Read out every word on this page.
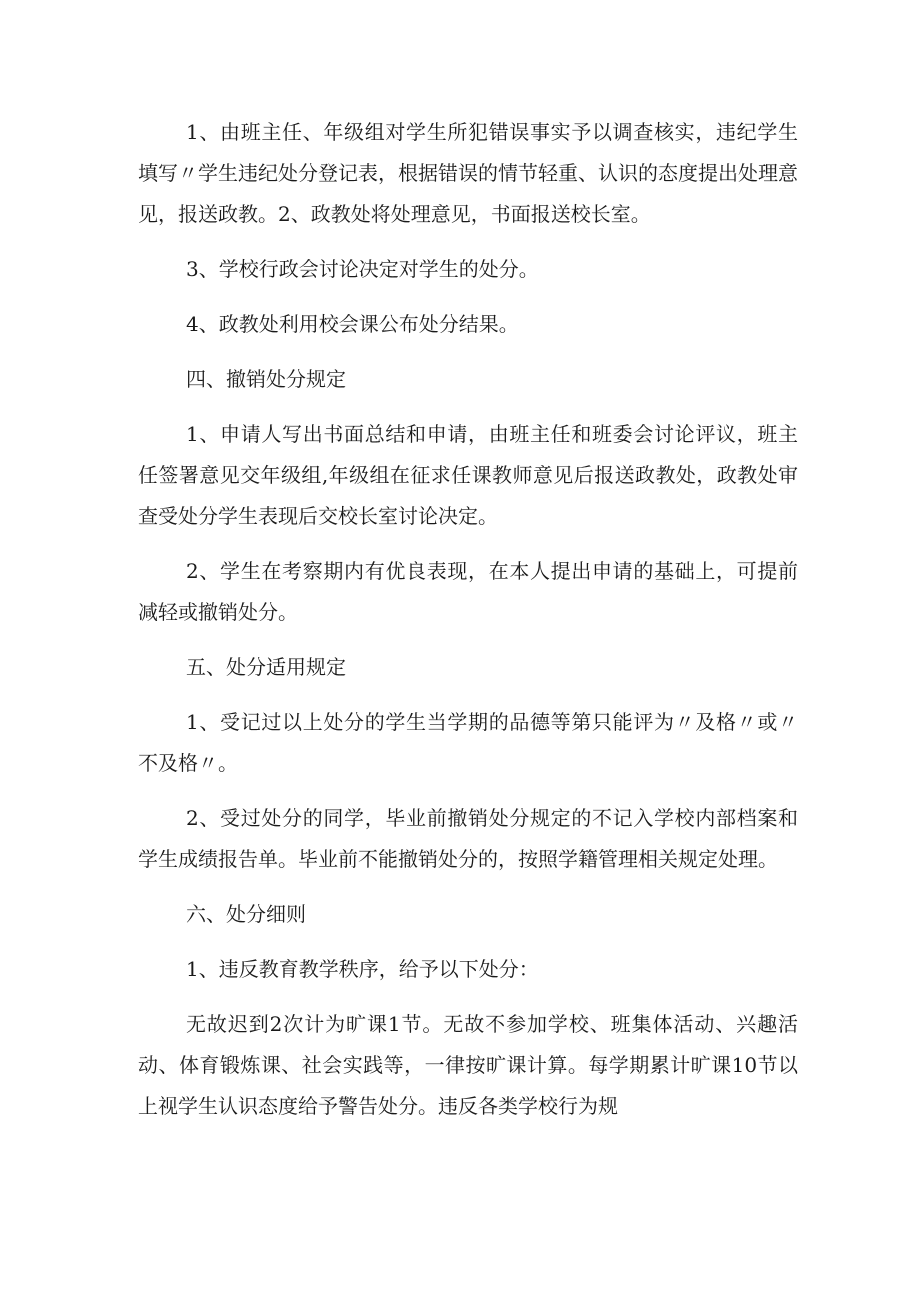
1、由班主任、年级组对学生所犯错误事实予以调查核实，违纪学生填写〃学生违纪处分登记表，根据错误的情节轻重、认识的态度提出处理意见，报送政教。2、政教处将处理意见，书面报送校长室。

3、学校行政会讨论决定对学生的处分。

4、政教处利用校会课公布处分结果。

四、撤销处分规定

1、申请人写出书面总结和申请，由班主任和班委会讨论评议，班主任签署意见交年级组,年级组在征求任课教师意见后报送政教处，政教处审查受处分学生表现后交校长室讨论决定。

2、学生在考察期内有优良表现，在本人提出申请的基础上，可提前减轻或撤销处分。

五、处分适用规定

1、受记过以上处分的学生当学期的品德等第只能评为〃及格〃或〃不及格〃。

2、受过处分的同学，毕业前撤销处分规定的不记入学校内部档案和学生成绩报告单。毕业前不能撤销处分的，按照学籍管理相关规定处理。

六、处分细则

1、违反教育教学秩序，给予以下处分：

无故迟到2次计为旷课1节。无故不参加学校、班集体活动、兴趣活动、体育锻炼课、社会实践等，一律按旷课计算。每学期累计旷课10节以上视学生认识态度给予警告处分。违反各类学校行为规
